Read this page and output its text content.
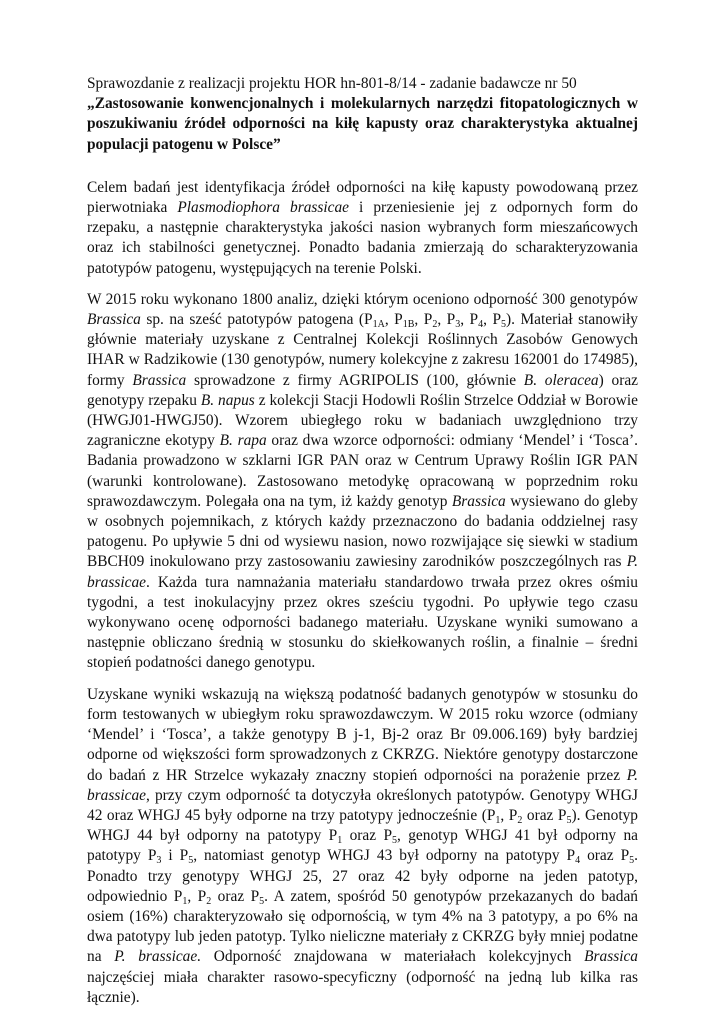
Sprawozdanie z realizacji projektu HOR hn-801-8/14 - zadanie badawcze nr 50

„Zastosowanie konwencjonalnych i molekularnych narzędzi fitopatologicznych w poszukiwaniu źródeł odporności na kiłę kapusty oraz charakterystyka aktualnej populacji patogenu w Polsce”

Celem badań jest identyfikacja źródeł odporności na kiłę kapusty powodowaną przez pierwotniaka Plasmodiophora brassicae i przeniesienie jej z odpornych form do rzepaku, a następnie charakterystyka jakości nasion wybranych form mieszańcowych oraz ich stabilności genetycznej. Ponadto badania zmierzają do scharakteryzowania patotypów patogenu, występujących na terenie Polski.

W 2015 roku wykonano 1800 analiz, dzięki którym oceniono odporność 300 genotypów Brassica sp. na sześć patotypów patogena ($P_{1A}$, $P_{1B}$, $P_2$, $P_3$, $P_4$, $P_5$). Materiał stanowiły głównie materiały uzyskane z Centralnej Kolekcji Roślinnych Zasobów Genowych IHAR w Radzikowie (130 genotypów, numery kolekcyjne z zakresu 162001 do 174985), formy Brassica sprowadzone z firmy AGRIPOLIS (100, głównie B. oleracea) oraz genotypy rzepaku B. napus z kolekcji Stacji Hodowli Roślin Strzelce Oddział w Borowie (HWGJ01-HWGJ50). Wzorem ubiegłego roku w badaniach uwzględniono trzy zagraniczne ekotypy B. rapa oraz dwa wzorce odporności: odmiany ‘Mendel’ i ‘Tosca’. Badania prowadzono w szklarni IGR PAN oraz w Centrum Uprawy Roślin IGR PAN (warunki kontrolowane). Zastosowano metodykę opracowaną w poprzednim roku sprawozdawczym. Polegała ona na tym, iż każdy genotyp Brassica wysiewano do gleby w osobnych pojemnikach, z których każdy przeznaczono do badania oddzielnej rasy patogenu. Po upływie 5 dni od wysiewu nasion, nowo rozwijające się siewki w stadium BBCH09 inokulowano przy zastosowaniu zawiesiny zarodników poszczególnych ras P. brassicae. Każda tura namnażania materiału standardowo trwała przez okres ośmiu tygodni, a test inokulacyjny przez okres sześciu tygodni. Po upływie tego czasu wykonywano ocenę odporności badanego materiału. Uzyskane wyniki sumowano a następnie obliczano średnią w stosunku do skiełkowanych roślin, a finalnie – średni stopień podatności danego genotypu.

Uzyskane wyniki wskazują na większą podatność badanych genotypów w stosunku do form testowanych w ubiegłym roku sprawozdawczym. W 2015 roku wzorce (odmiany ‘Mendel’ i ‘Tosca’, a także genotypy B j-1, Bj-2 oraz Br 09.006.169) były bardziej odporne od większości form sprowadzonych z CKRZG. Niektóre genotypy dostarczone do badań z HR Strzelce wykazały znaczny stopień odporności na porażenie przez P. brassicae, przy czym odporność ta dotyczyła określonych patotypów. Genotypy WHGJ 42 oraz WHGJ 45 były odporne na trzy patotypy jednocześnie ($P_1$, $P_2$ oraz $P_5$). Genotyp WHGJ 44 był odporny na patotypy $P_1$ oraz $P_5$, genotyp WHGJ 41 był odporny na patotypy $P_3$ i $P_5$, natomiast genotyp WHGJ 43 był odporny na patotypy $P_4$ oraz $P_5$. Ponadto trzy genotypy WHGJ 25, 27 oraz 42 były odporne na jeden patotyp, odpowiednio $P_1$, $P_2$ oraz $P_5$. A zatem, spośród 50 genotypów przekazanych do badań osiem (16%) charakteryzowało się odpornością, w tym 4% na 3 patotypy, a po 6% na dwa patotypy lub jeden patotyp. Tylko nieliczne materiały z CKRZG były mniej podatne na P. brassicae. Odporność znajdowana w materiałach kolekcyjnych Brassica najczęściej miała charakter rasowo-specyficzny (odporność na jedną lub kilka ras łącznie).
